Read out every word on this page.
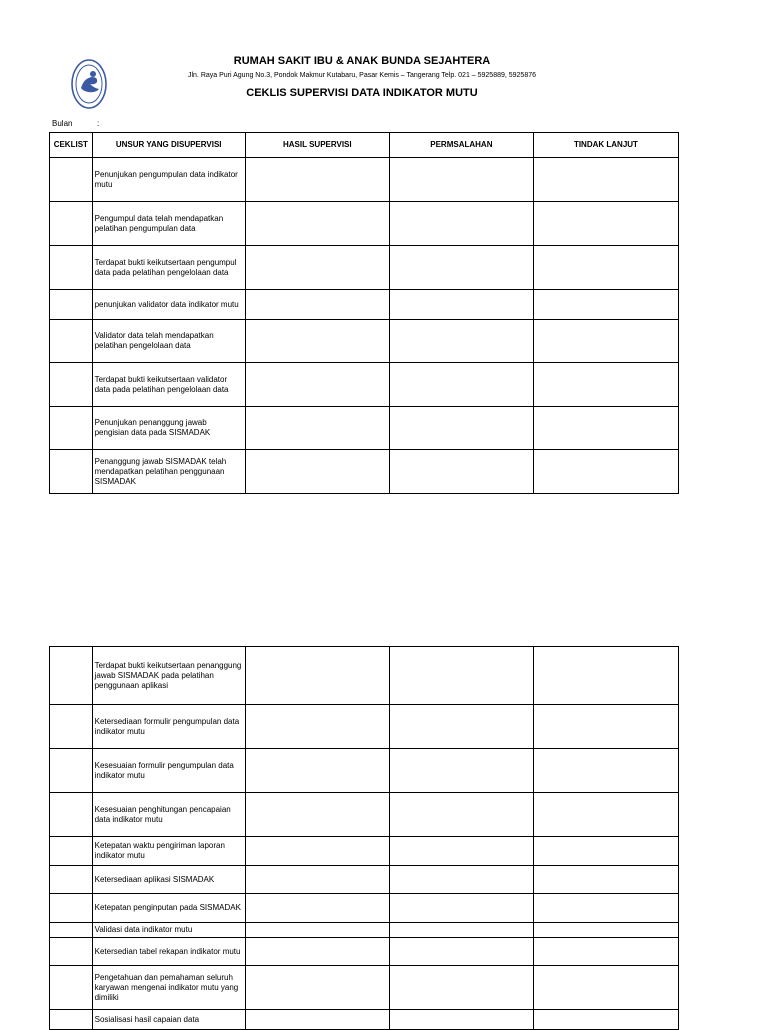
RUMAH SAKIT IBU & ANAK BUNDA SEJAHTERA
Jln. Raya Puri Agung No.3, Pondok Makmur Kutabaru, Pasar Kemis – Tangerang Telp. 021 – 5925889, 5925876
CEKLIS SUPERVISI DATA INDIKATOR MUTU
Bulan	:
CEKLIST	UNSUR YANG DISUPERVISI	HASIL SUPERVISI	PERMSALAHAN	TINDAK LANJUT
	Penunjukan pengumpulan data indikator mutu			
	Pengumpul data telah mendapatkan pelatihan pengumpulan data			
	Terdapat bukti keikutsertaan pengumpul data pada pelatihan pengelolaan data			
	penunjukan validator data indikator mutu			
	Validator data telah mendapatkan pelatihan pengelolaan data			
	Terdapat bukti keikutsertaan validator data pada pelatihan pengelolaan data			
	Penunjukan penanggung jawab pengisian data pada SISMADAK			
	Penanggung jawab SISMADAK telah mendapatkan pelatihan penggunaan SISMADAK			
	Terdapat bukti keikutsertaan penanggung jawab SISMADAK pada pelatihan penggunaan aplikasi			
	Ketersediaan formulir pengumpulan data indikator mutu			
	Kesesuaian formulir pengumpulan data indikator mutu			
	Kesesuaian penghitungan pencapaian data indikator mutu			
	Ketepatan waktu pengiriman laporan indikator mutu			
	Ketersediaan aplikasi SISMADAK			
	Ketepatan penginputan pada SISMADAK			
	Validasi data indikator mutu			
	Ketersedian tabel rekapan indikator mutu			
	Pengetahuan dan pemahaman seluruh karyawan mengenai indikator mutu yang dimiliki			
	Sosialisasi hasil capaian data			
